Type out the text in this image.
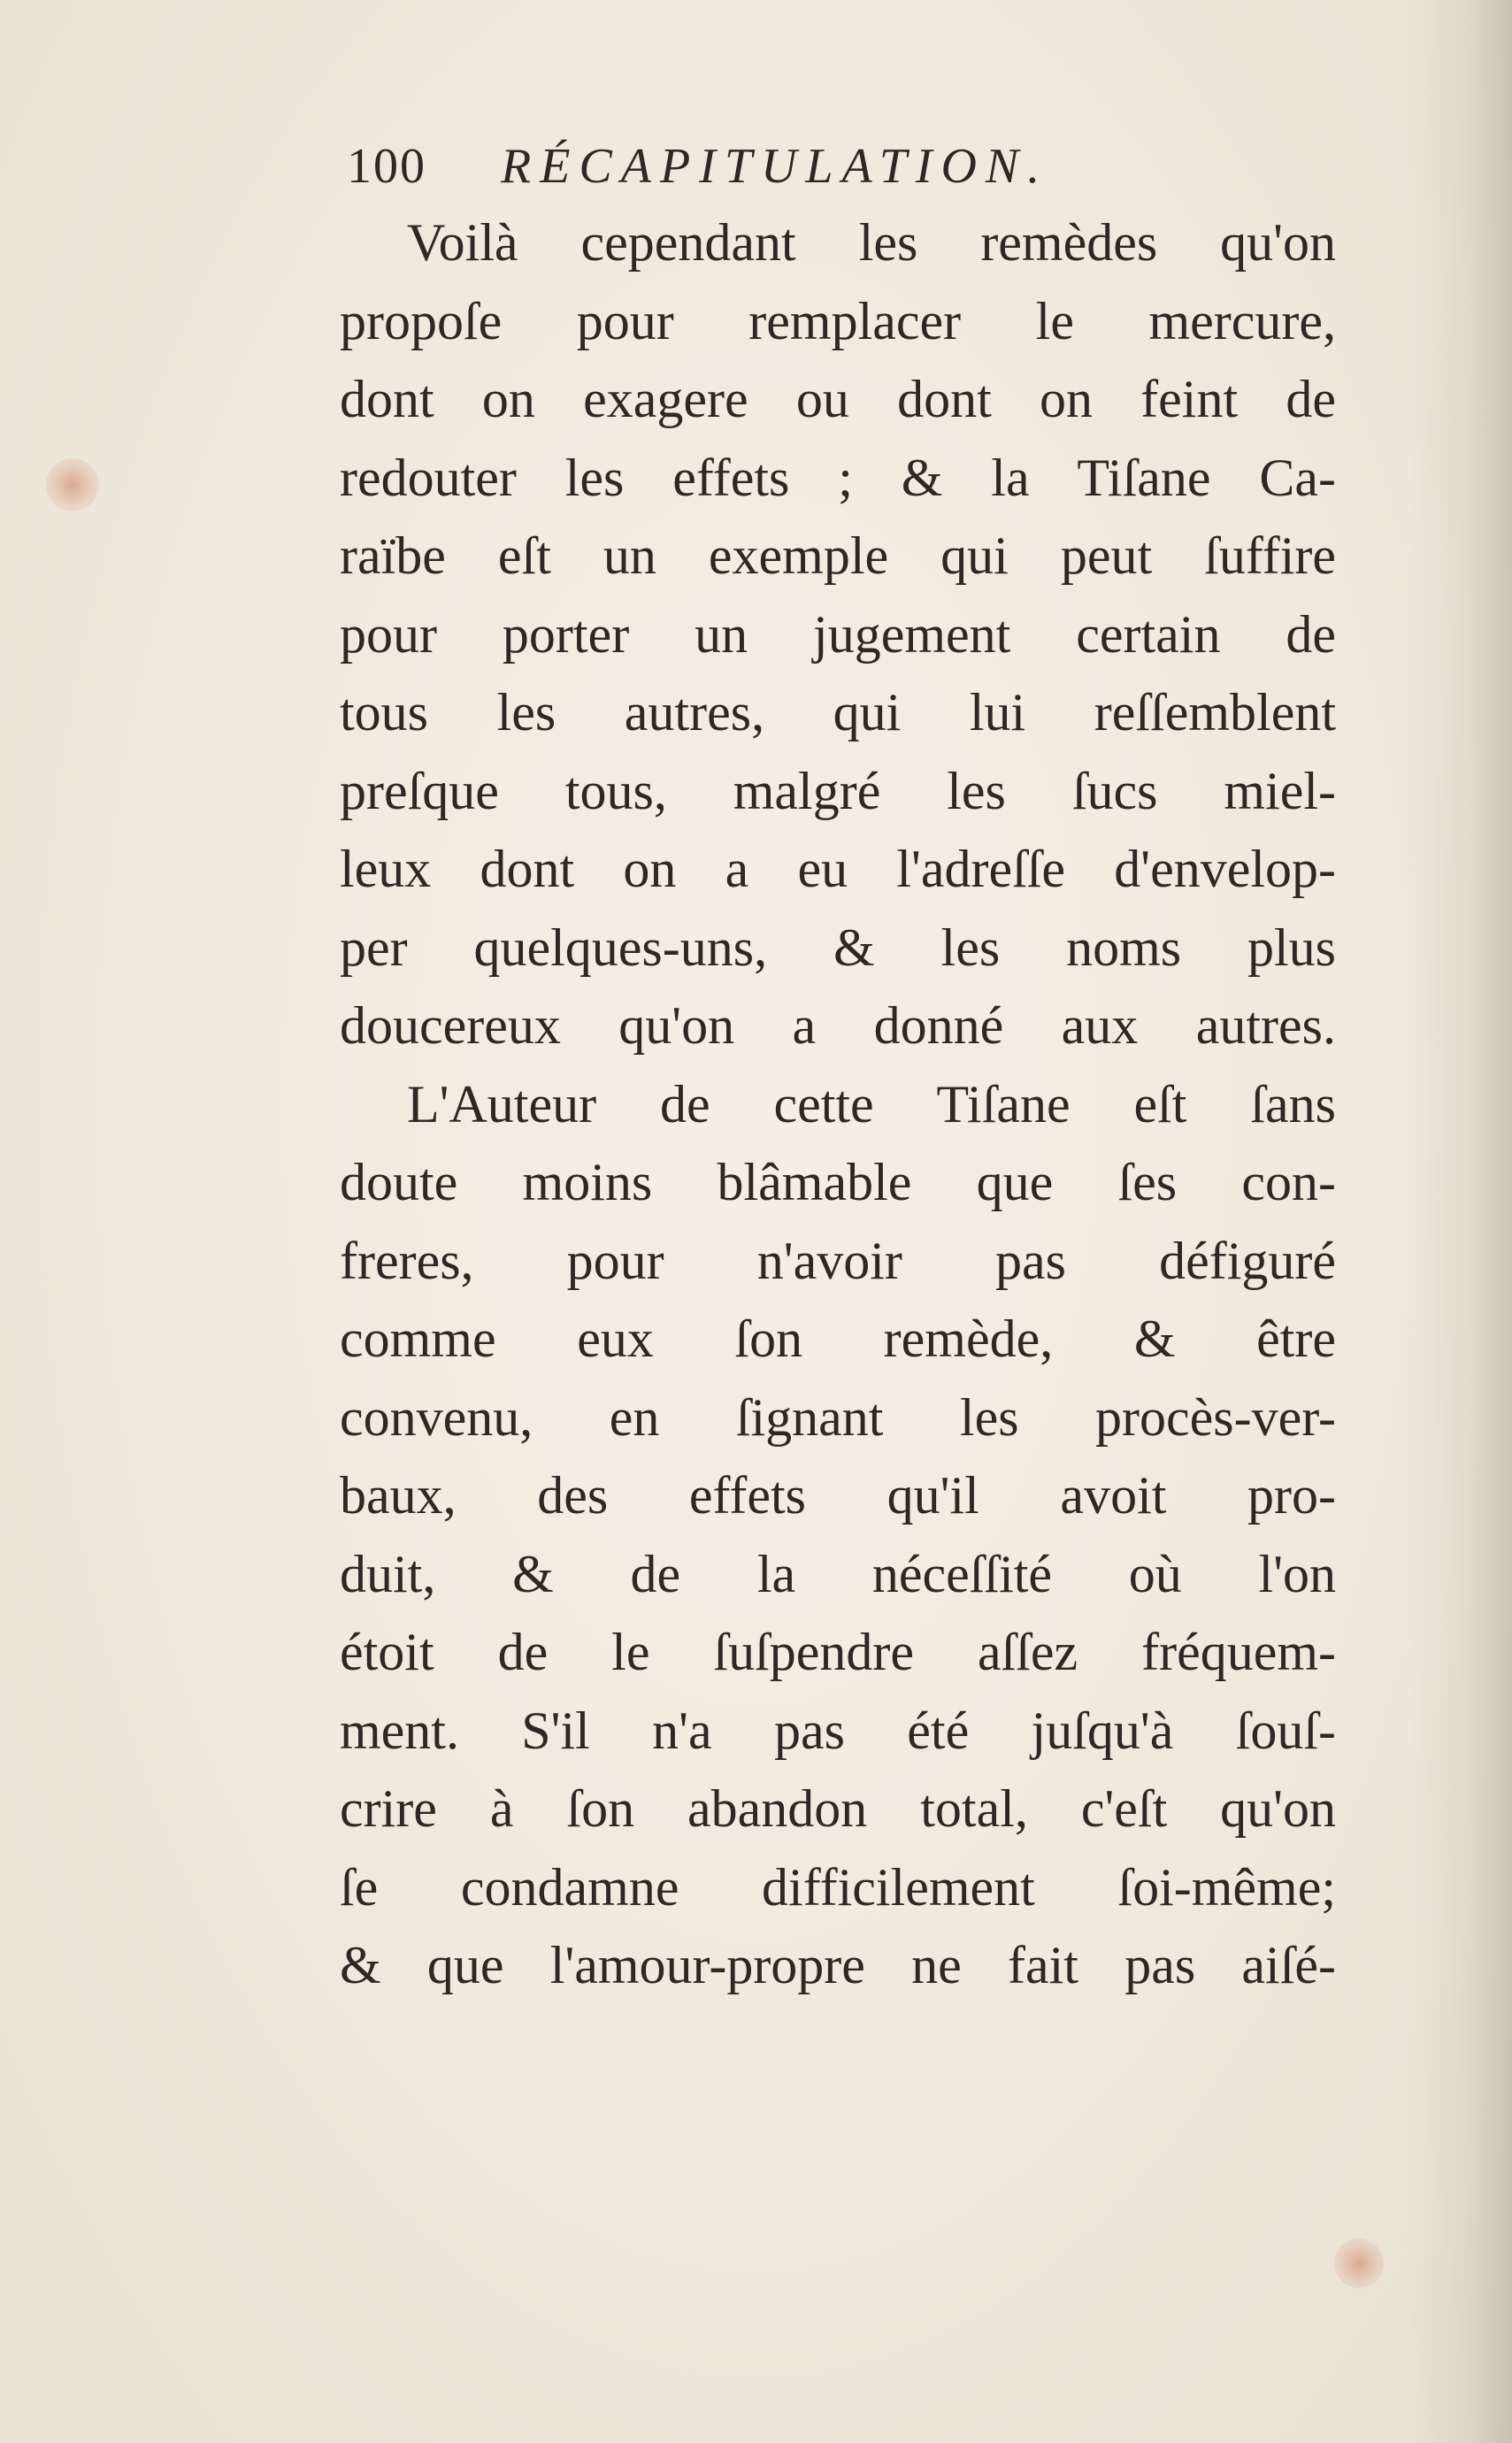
100 RÉCAPITULATION.
Voilà cependant les remèdes qu'on
propoſe pour remplacer le mercure,
dont on exagere ou dont on feint de
redouter les effets ; & la Tiſane Ca-
raïbe eſt un exemple qui peut ſuffire
pour porter un jugement certain de
tous les autres, qui lui reſſemblent
preſque tous, malgré les ſucs miel-
leux dont on a eu l'adreſſe d'envelop-
per quelques-uns, & les noms plus
doucereux qu'on a donné aux autres.
L'Auteur de cette Tiſane eſt ſans
doute moins blâmable que ſes con-
freres, pour n'avoir pas défiguré
comme eux ſon remède, & être
convenu, en ſignant les procès-ver-
baux, des effets qu'il avoit pro-
duit, & de la néceſſité où l'on
étoit de le ſuſpendre aſſez fréquem-
ment. S'il n'a pas été juſqu'à ſouſ-
crire à ſon abandon total, c'eſt qu'on
ſe condamne difficilement ſoi-même;
& que l'amour-propre ne fait pas aiſé-
